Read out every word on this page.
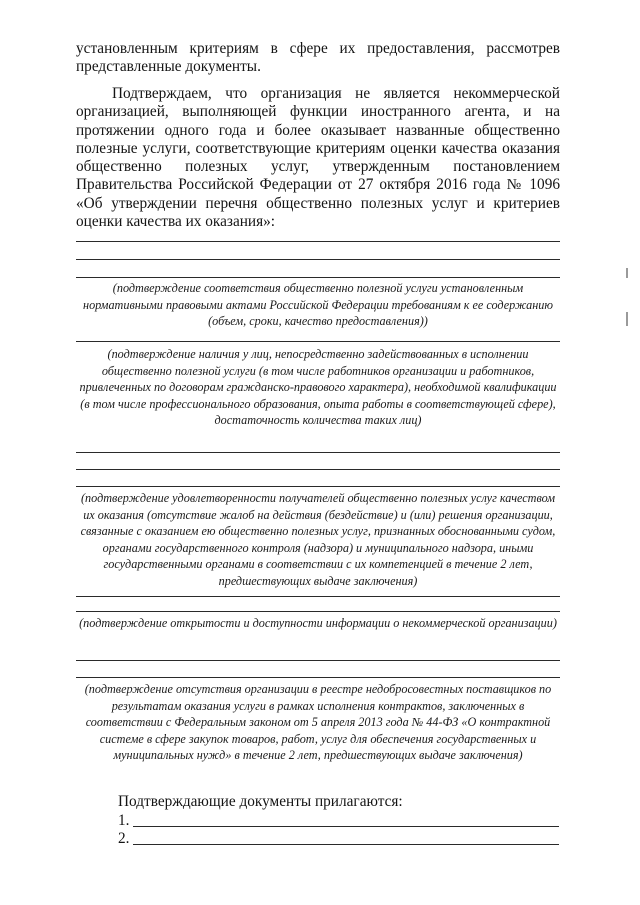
установленным критериям в сфере их предоставления, рассмотрев представленные документы.
Подтверждаем, что организация не является некоммерческой организацией, выполняющей функции иностранного агента, и на протяжении одного года и более оказывает названные общественно полезные услуги, соответствующие критериям оценки качества оказания общественно полезных услуг, утвержденным постановлением Правительства Российской Федерации от 27 октября 2016 года № 1096 «Об утверждении перечня общественно полезных услуг и критериев оценки качества их оказания»:
(подтверждение соответствия общественно полезной услуги установленным нормативными правовыми актами Российской Федерации требованиям к ее содержанию (объем, сроки, качество предоставления))
(подтверждение наличия у лиц, непосредственно задействованных в исполнении общественно полезной услуги (в том числе работников организации и работников, привлеченных по договорам гражданско-правового характера), необходимой квалификации (в том числе профессионального образования, опыта работы в соответствующей сфере), достаточность количества таких лиц)
(подтверждение удовлетворенности получателей общественно полезных услуг качеством их оказания (отсутствие жалоб на действия (бездействие) и (или) решения организации, связанные с оказанием ею общественно полезных услуг, признанных обоснованными судом, органами государственного контроля (надзора) и муниципального надзора, иными государственными органами в соответствии с их компетенцией в течение 2 лет, предшествующих выдаче заключения)
(подтверждение открытости и доступности информации о некоммерческой организации)
(подтверждение отсутствия организации в реестре недобросовестных поставщиков по результатам оказания услуги в рамках исполнения контрактов, заключенных в соответствии с Федеральным законом от 5 апреля 2013 года № 44-ФЗ «О контрактной системе в сфере закупок товаров, работ, услуг для обеспечения государственных и муниципальных нужд» в течение 2 лет, предшествующих выдаче заключения)
Подтверждающие документы прилагаются:
1.
2.
